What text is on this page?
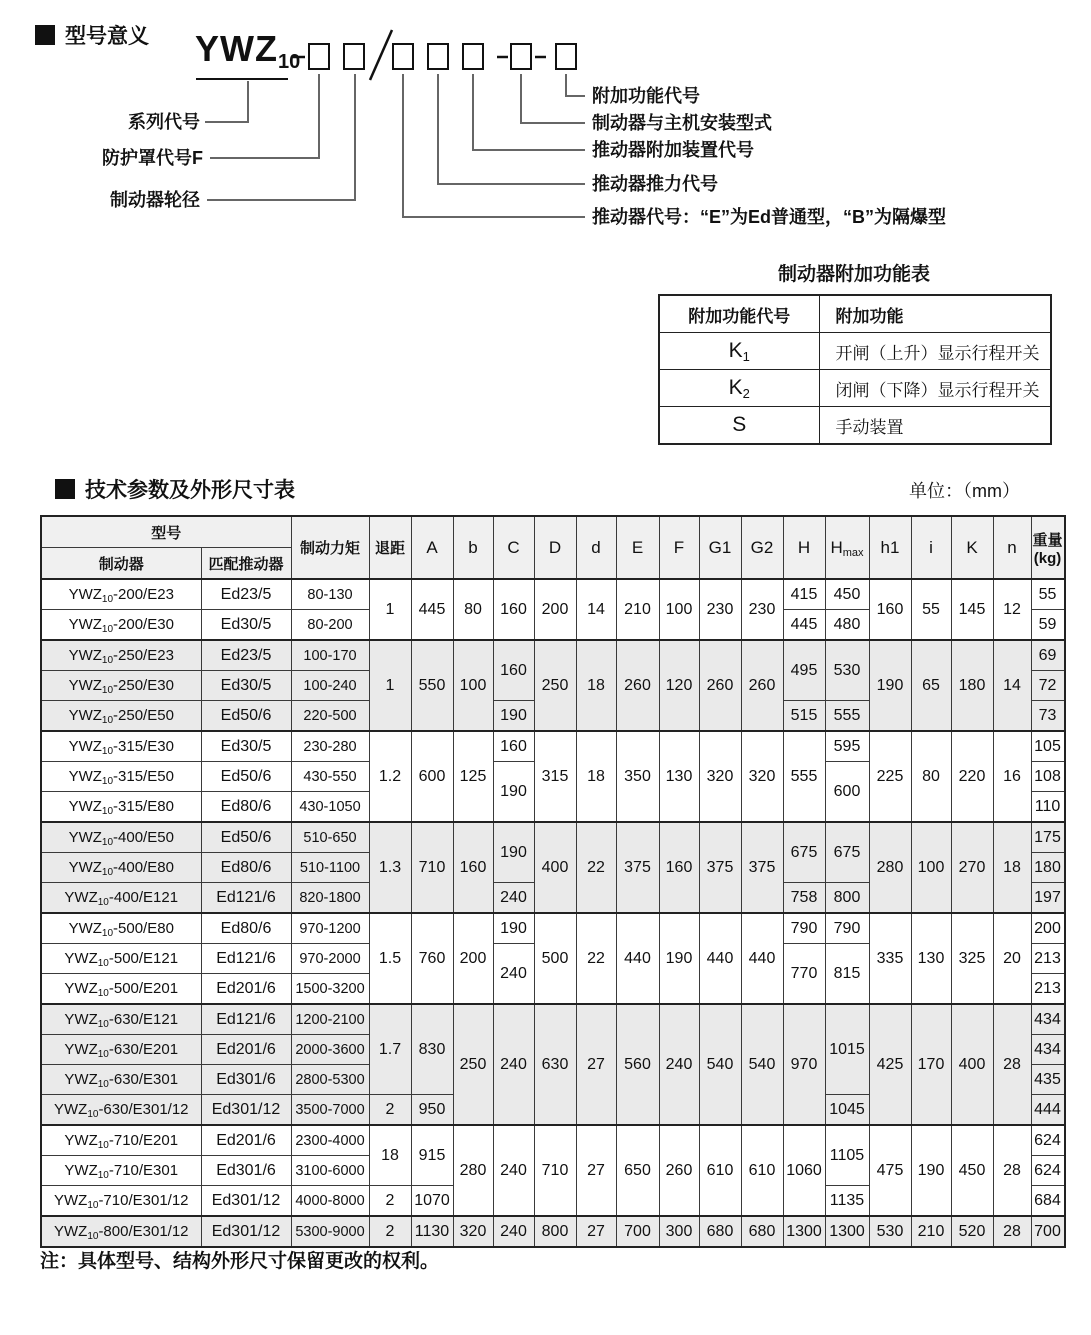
型号意义 $YWZ_{10}$
系列代号
防护罩代号F
制动器轮径
附加功能代号
制动器与主机安装型式
推动器附加装置代号
推动器推力代号
推动器代号：“E”为Ed普通型，“B”为隔爆型
制动器附加功能表
附加功能代号	附加功能
$K_1$	开闸（上升）显示行程开关
$K_2$	闭闸（下降）显示行程开关
S	手动装置
技术参数及外形尺寸表	单位：（mm）
型号		制动力矩	退距	A	b	C	D	d	E	F	G1	G2	H	$H_{max}$	h1	i	K	n	重量
(kg)
制动器	匹配推动器																		
$YWZ_{10}-200/E23$	Ed23/5	80-130	1	445	80	160	200	14	210	100	230	230	415	450	160	55	145	12	55
$YWZ_{10}-200/E30$	Ed30/5	80-200											445	480					59
$YWZ_{10}-250/E23$	Ed23/5	100-170	1	550	100	160	250	18	260	120	260	260	495	530	190	65	180	14	69
$YWZ_{10}-250/E30$	Ed30/5	100-240																	72
$YWZ_{10}-250/E50$	Ed50/6	220-500				190							515	555					73
$YWZ_{10}-315/E30$	Ed30/5	230-280	1.2	600	125	160	315	18	350	130	320	320	555	595	225	80	220	16	105
$YWZ_{10}-315/E50$	Ed50/6	430-550				190								600					108
$YWZ_{10}-315/E80$	Ed80/6	430-1050																	110
$YWZ_{10}-400/E50$	Ed50/6	510-650	1.3	710	160	190	400	22	375	160	375	375	675	675	280	100	270	18	175
$YWZ_{10}-400/E80$	Ed80/6	510-1100																	180
$YWZ_{10}-400/E121$	Ed121/6	820-1800				240							758	800					197
$YWZ_{10}-500/E80$	Ed80/6	970-1200	1.5	760	200	190	500	22	440	190	440	440	790	790	335	130	325	20	200
$YWZ_{10}-500/E121$	Ed121/6	970-2000				240							770	815					213
$YWZ_{10}-500/E201$	Ed201/6	1500-3200																	213
$YWZ_{10}-630/E121$	Ed121/6	1200-2100	1.7	830	250	240	630	27	560	240	540	540	970	1015	425	170	400	28	434
$YWZ_{10}-630/E201$	Ed201/6	2000-3600																	434
$YWZ_{10}-630/E301$	Ed301/6	2800-5300																	435
$YWZ_{10}-630/E301/12$	Ed301/12	3500-7000	2	950										1045					444
$YWZ_{10}-710/E201$	Ed201/6	2300-4000	18	915	280	240	710	27	650	260	610	610	1060	1105	475	190	450	28	624
$YWZ_{10}-710/E301$	Ed301/6	3100-6000																	624
$YWZ_{10}-710/E301/12$	Ed301/12	4000-8000	2	1070										1135					684
$YWZ_{10}-800/E301/12$	Ed301/12	5300-9000	2	1130	320	240	800	27	700	300	680	680	1300	1300	530	210	520	28	700
注：具体型号、结构外形尺寸保留更改的权利。
